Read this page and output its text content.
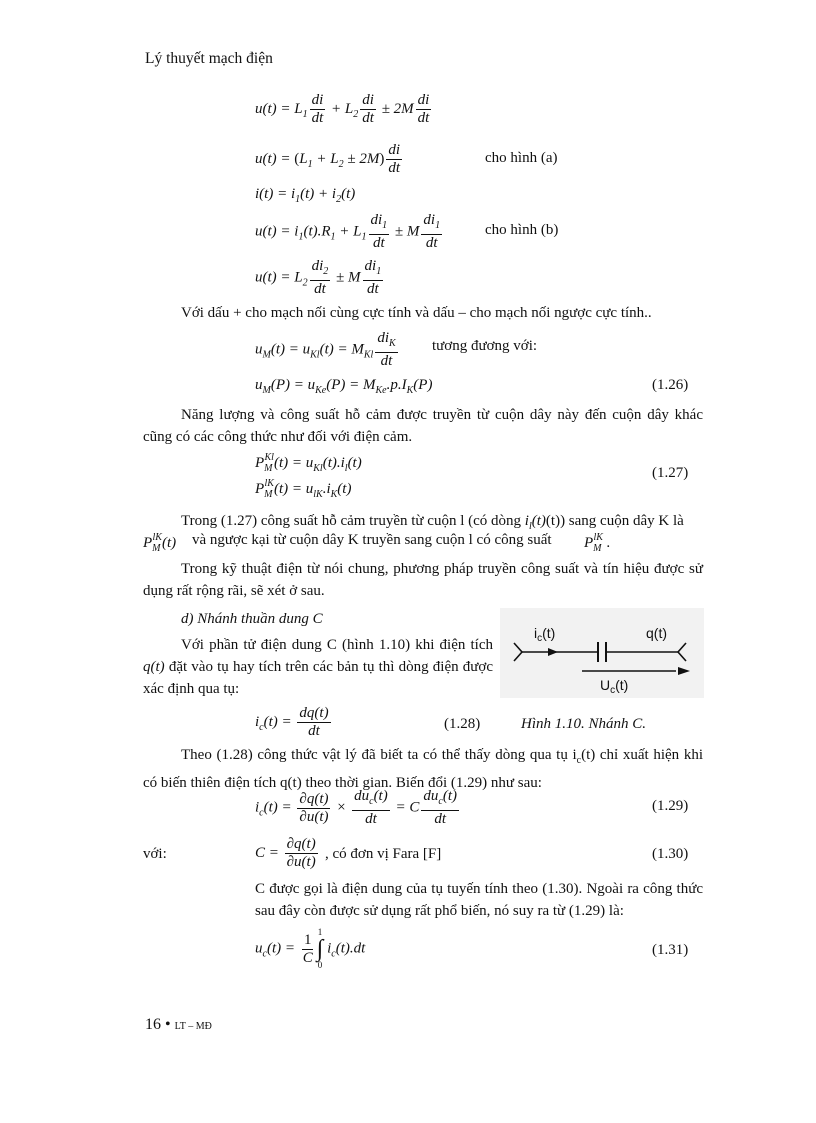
Lý thuyết mạch điện
$u(t) = L_1 \frac{di}{dt} + L_2 \frac{di}{dt} \pm 2M \frac{di}{dt}$
$u(t) = (L_1 + L_2 \pm 2M) \frac{di}{dt}$	cho hình (a)
$i(t) = i_1(t) + i_2(t)$
$u(t) = i_1(t).R_1 + L_1 \frac{di_1}{dt} \pm M \frac{di_1}{dt}$	cho hình (b)
$u(t) = L_2 \frac{di_2}{dt} \pm M \frac{di_1}{dt}$
Với dấu + cho mạch nối cùng cực tính và dấu – cho mạch nối ngược cực tính..
$u_M(t) = u_{Kl}(t) = M_{Kl} \frac{di_K}{dt}$ tương đương với:
$u_M(P) = u_{Ke}(P) = M_{Ke}.p.I_K(P)$	(1.26)
Năng lượng và công suất hỗ cảm được truyền từ cuộn dây này đến cuộn dây khác cũng có các công thức như đối với điện cảm.
$P_M^{Kl}(t) = u_{Kl}(t).i_l(t)$
$P_M^{lK}(t) = u_{lK}.i_K(t)$
(1.27)
Trong (1.27) công suất hỗ cảm truyền từ cuộn l (có dòng $i_l(t)(t)$) sang cuộn dây K là
$P_M^{lK}(t)$ và ngược kại từ cuộn dây K truyền sang cuộn l có công suất $P_M^{lK}$ .
Trong kỹ thuật điện từ nói chung, phương pháp truyền công suất và tín hiệu được sử dụng rất rộng rãi, sẽ xét ở sau.
d) Nhánh thuần dung C
Với phần tử điện dung C (hình 1.10) khi điện tích q(t) đặt vào tụ hay tích trên các bản tụ thì dòng điện được xác định qua tụ:
$i_c(t)$	q(t)
$U_c(t)$
$i_c(t) = \frac{dq(t)}{dt}$	(1.28)	Hình 1.10. Nhánh C.
Theo (1.28) công thức vật lý đã biết ta có thể thấy dòng qua tụ $i_c(t)$ chỉ xuất hiện khi có biến thiên điện tích q(t) theo thời gian. Biến đổi (1.29) như sau:
$i_c(t) = \frac{\partial q(t)}{\partial u(t)} \times \frac{du_c(t)}{dt} = C \frac{du_c(t)}{dt}$	(1.29)
với:	$C = \frac{\partial q(t)}{\partial u(t)}$ , có đơn vị Fara [F]	(1.30)
C được gọi là điện dung của tụ tuyến tính theo (1.30). Ngoài ra công thức sau đây còn được sử dụng rất phổ biến, nó suy ra từ (1.29) là:
$u_c(t) = \frac{1}{C} 1$
∫
0
$i_c(t).dt$	(1.31)
16 • LT – MĐ
